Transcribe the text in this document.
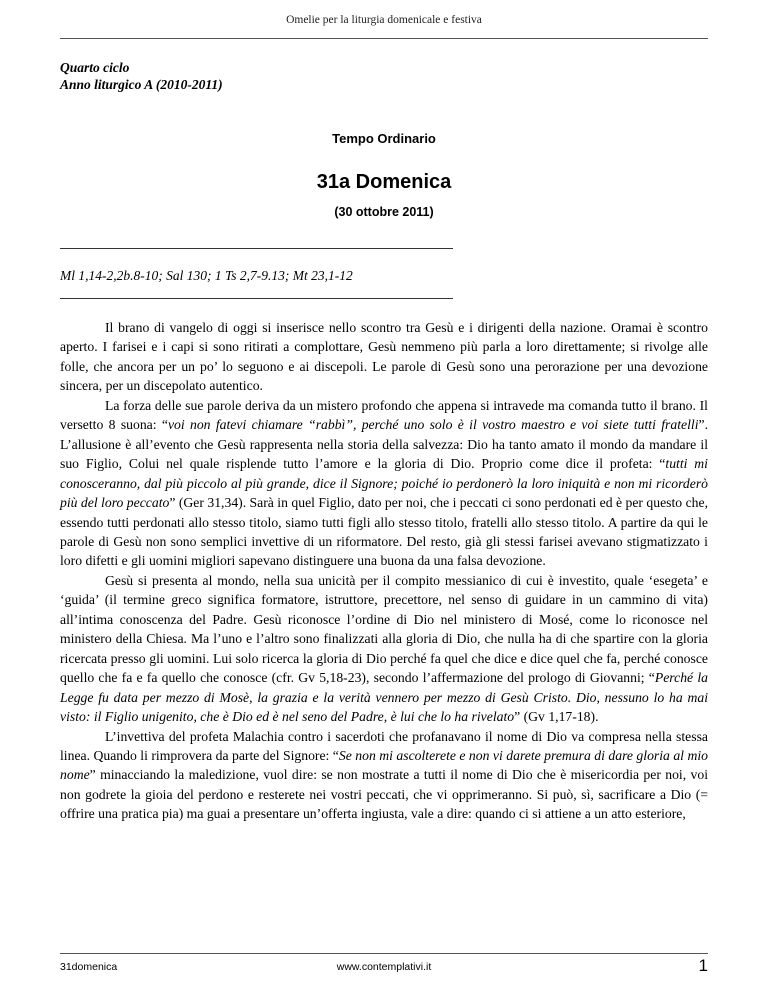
Omelie per la liturgia domenicale e festiva
Quarto ciclo
Anno liturgico A (2010-2011)
Tempo Ordinario
31a Domenica
(30 ottobre 2011)
Ml 1,14-2,2b.8-10; Sal 130; 1 Ts 2,7-9.13; Mt 23,1-12

Il brano di vangelo di oggi si inserisce nello scontro tra Gesù e i dirigenti della nazione. Oramai è scontro aperto. I farisei e i capi si sono ritirati a complottare, Gesù nemmeno più parla a loro direttamente; si rivolge alle folle, che ancora per un po’ lo seguono e ai discepoli. Le parole di Gesù sono una perorazione per una devozione sincera, per un discepolato autentico.

La forza delle sue parole deriva da un mistero profondo che appena si intravede ma comanda tutto il brano. Il versetto 8 suona: “voi non fatevi chiamare “rabbì”, perché uno solo è il vostro maestro e voi siete tutti fratelli”. L’allusione è all’evento che Gesù rappresenta nella storia della salvezza: Dio ha tanto amato il mondo da mandare il suo Figlio, Colui nel quale risplende tutto l’amore e la gloria di Dio. Proprio come dice il profeta: “tutti mi conosceranno, dal più piccolo al più grande, dice il Signore; poiché io perdonerò la loro iniquità e non mi ricorderò più del loro peccato” (Ger 31,34). Sarà in quel Figlio, dato per noi, che i peccati ci sono perdonati ed è per questo che, essendo tutti perdonati allo stesso titolo, siamo tutti figli allo stesso titolo, fratelli allo stesso titolo. A partire da qui le parole di Gesù non sono semplici invettive di un riformatore. Del resto, già gli stessi farisei avevano stigmatizzato i loro difetti e gli uomini migliori sapevano distinguere una buona da una falsa devozione.

Gesù si presenta al mondo, nella sua unicità per il compito messianico di cui è investito, quale ‘esegeta’ e ‘guida’ (il termine greco significa formatore, istruttore, precettore, nel senso di guidare in un cammino di vita) all’intima conoscenza del Padre. Gesù riconosce l’ordine di Dio nel ministero di Mosé, come lo riconosce nel ministero della Chiesa. Ma l’uno e l’altro sono finalizzati alla gloria di Dio, che nulla ha di che spartire con la gloria ricercata presso gli uomini. Lui solo ricerca la gloria di Dio perché fa quel che dice e dice quel che fa, perché conosce quello che fa e fa quello che conosce (cfr. Gv 5,18-23), secondo l’affermazione del prologo di Giovanni; “Perché la Legge fu data per mezzo di Mosè, la grazia e la verità vennero per mezzo di Gesù Cristo. Dio, nessuno lo ha mai visto: il Figlio unigenito, che è Dio ed è nel seno del Padre, è lui che lo ha rivelato” (Gv 1,17-18).

L’invettiva del profeta Malachia contro i sacerdoti che profanavano il nome di Dio va compresa nella stessa linea. Quando li rimprovera da parte del Signore: “Se non mi ascolterete e non vi darete premura di dare gloria al mio nome” minacciando la maledizione, vuol dire: se non mostrate a tutti il nome di Dio che è misericordia per noi, voi non godrete la gioia del perdono e resterete nei vostri peccati, che vi opprimeranno. Si può, sì, sacrificare a Dio (= offrire una pratica pia) ma guai a presentare un’offerta ingiusta, vale a dire: quando ci si attiene a un atto esteriore,

31domenica	www.contemplativi.it	1
